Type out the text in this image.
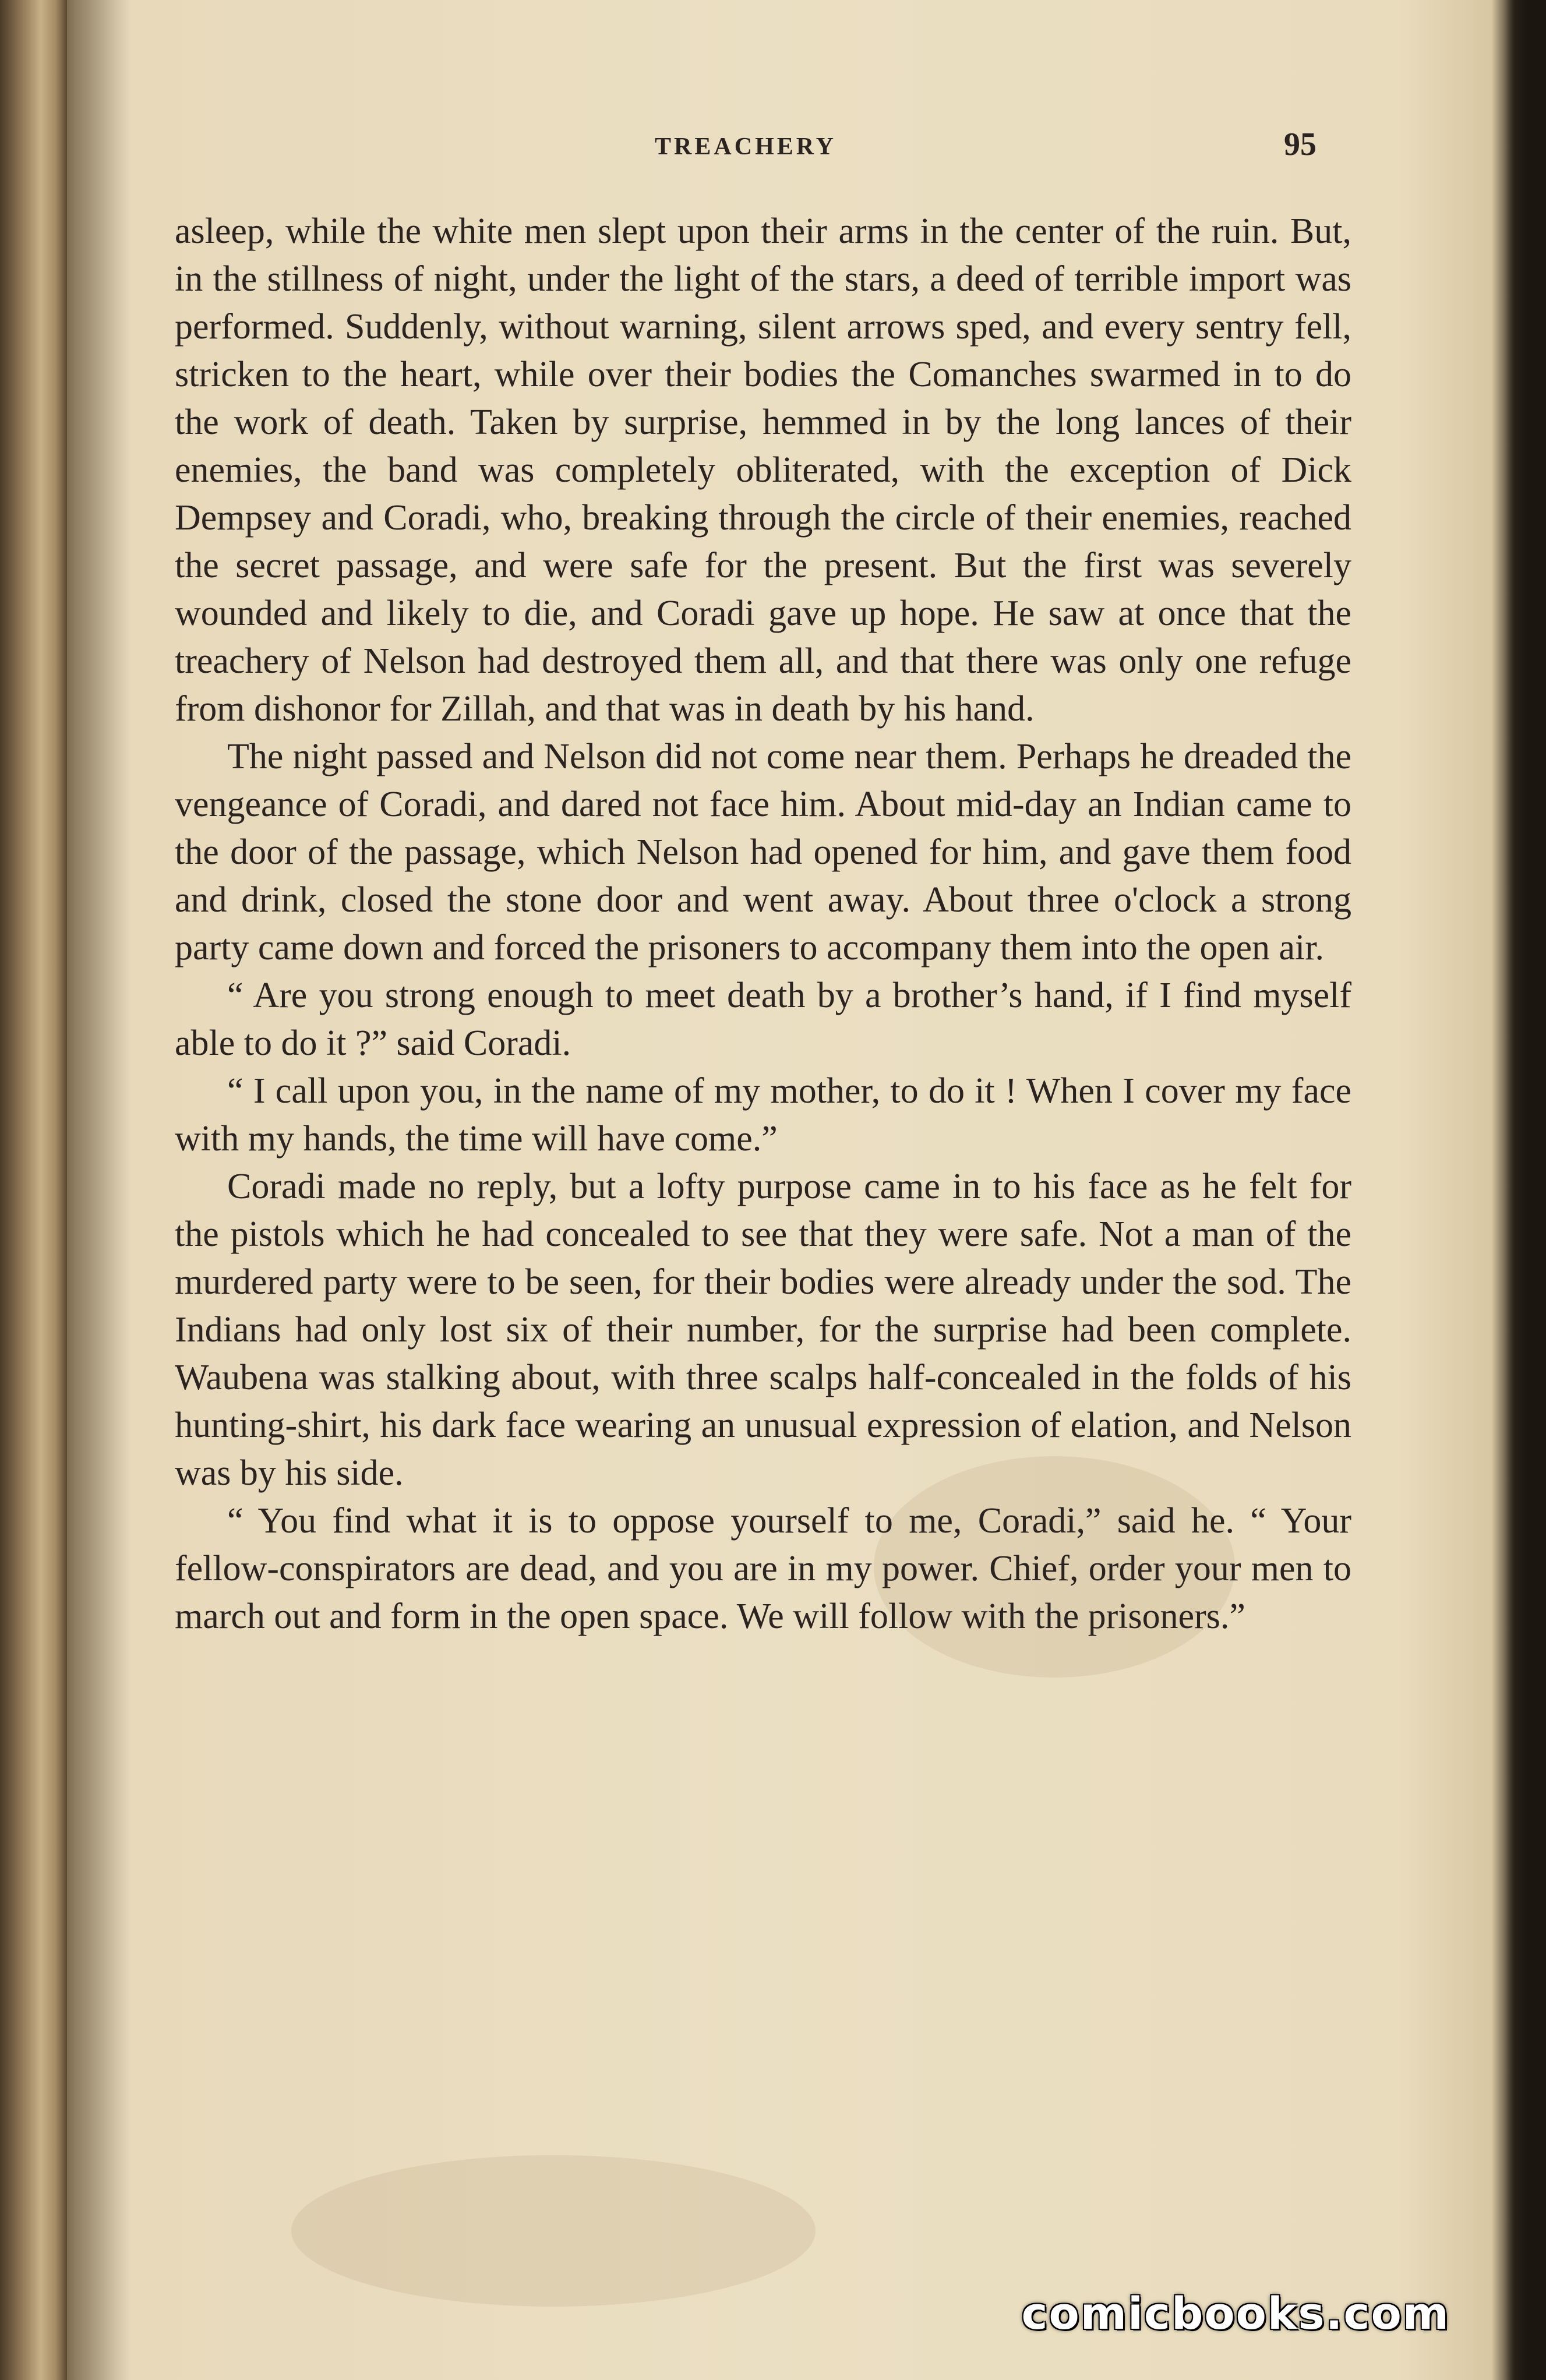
TREACHERY	95

asleep, while the white men slept upon their arms in the center of the ruin. But, in the stillness of night, under the light of the stars, a deed of terrible import was performed. Suddenly, without warning, silent arrows sped, and every sentry fell, stricken to the heart, while over their bodies the Comanches swarmed in to do the work of death. Taken by surprise, hemmed in by the long lances of their enemies, the band was completely obliterated, with the exception of Dick Dempsey and Coradi, who, breaking through the circle of their enemies, reached the secret passage, and were safe for the present. But the first was severely wounded and likely to die, and Coradi gave up hope. He saw at once that the treachery of Nelson had destroyed them all, and that there was only one refuge from dishonor for Zillah, and that was in death by his hand.

The night passed and Nelson did not come near them. Perhaps he dreaded the vengeance of Coradi, and dared not face him. About mid-day an Indian came to the door of the passage, which Nelson had opened for him, and gave them food and drink, closed the stone door and went away. About three o'clock a strong party came down and forced the prisoners to accompany them into the open air.

“ Are you strong enough to meet death by a brother’s hand, if I find myself able to do it ?” said Coradi.

“ I call upon you, in the name of my mother, to do it ! When I cover my face with my hands, the time will have come.”

Coradi made no reply, but a lofty purpose came in to his face as he felt for the pistols which he had concealed to see that they were safe. Not a man of the murdered party were to be seen, for their bodies were already under the sod. The Indians had only lost six of their number, for the surprise had been complete. Waubena was stalking about, with three scalps half-concealed in the folds of his hunting-shirt, his dark face wearing an unusual expression of elation, and Nelson was by his side.

“ You find what it is to oppose yourself to me, Coradi,” said he. “ Your fellow-conspirators are dead, and you are in my power. Chief, order your men to march out and form in the open space. We will follow with the prisoners.”

comicbooks.com
